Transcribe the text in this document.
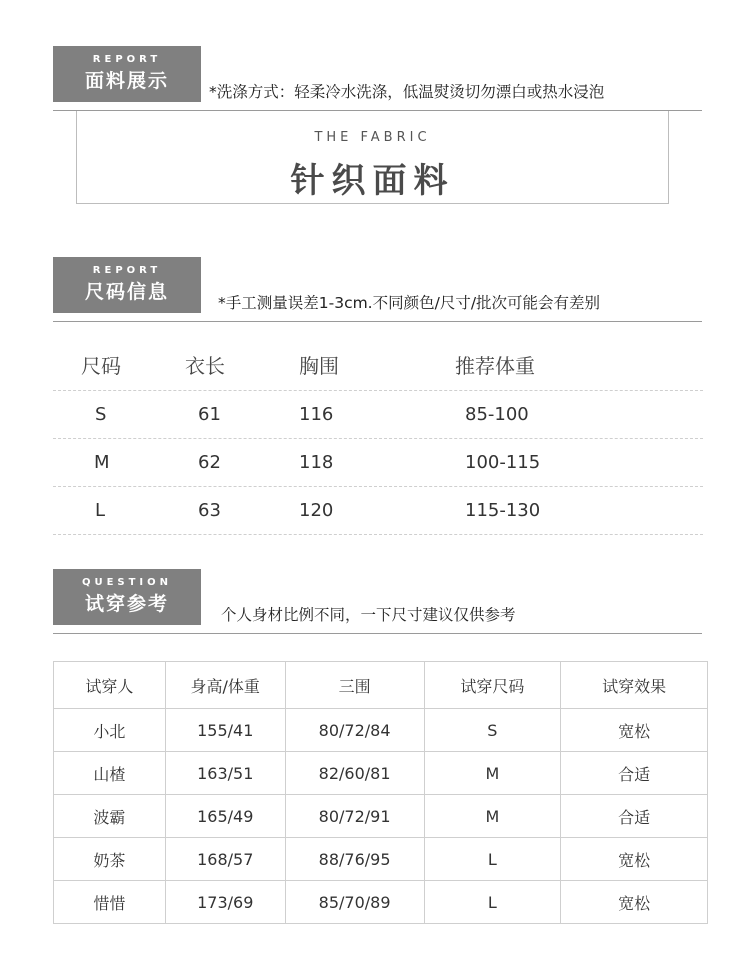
REPORT
面料展示	*洗涤方式：轻柔冷水洗涤，低温熨烫切勿漂白或热水浸泡
THE FABRIC
针织面料
REPORT
尺码信息	*手工测量误差1-3cm.不同颜色/尺寸/批次可能会有差别
尺码	衣长	胸围	推荐体重
S	61	116	85-100
M	62	118	100-115
L	63	120	115-130
QUESTION
试穿参考	个人身材比例不同，一下尺寸建议仅供参考
试穿人	身高/体重	三围	试穿尺码	试穿效果
小北	155/41	80/72/84	S	宽松
山楂	163/51	82/60/81	M	合适
波霸	165/49	80/72/91	M	合适
奶茶	168/57	88/76/95	L	宽松
惜惜	173/69	85/70/89	L	宽松
